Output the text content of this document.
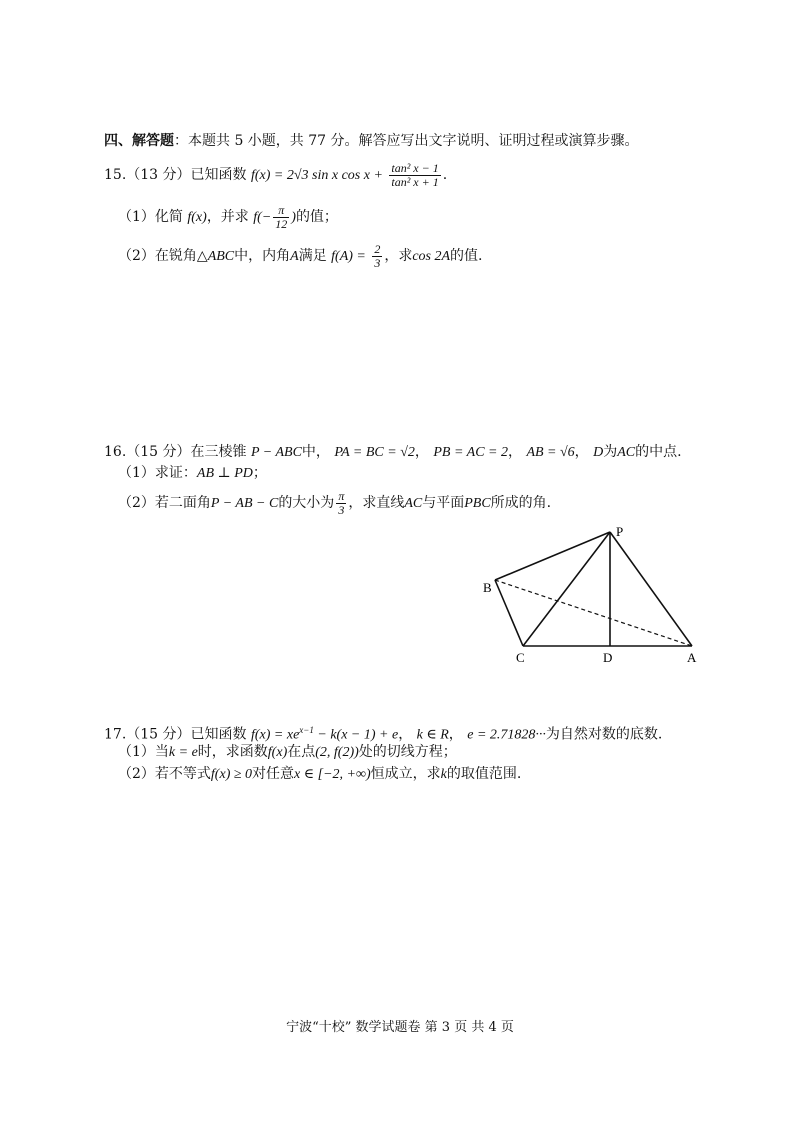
四、解答题：本题共 5 小题，共 77 分。解答应写出文字说明、证明过程或演算步骤。
15.（13 分）已知函数 f(x) = 2√3 sin x $\cos x + \frac{\text{tan² x − 1}}{\text{tan² x + 1}}$ .
（1）化简 f(x)，并求 $f(- \frac{\pi}{12}$ )的值；
（2）在锐角△ABC中，内角A满足 $f(A) = \frac{2}{3}$ ，求cos 2A的值.
16.（15 分）在三棱锥 P − ABC中， PA = BC = √2， PB = AC = 2， AB = √6， D为AC的中点.
（1）求证：AB ⊥ PD；
（2）若二面角P − AB − C的大小为 $\frac{\pi}{3}$ ，求直线AC与平面PBC所成的角.
P
B
C	D	A
17.（15 分）已知函数 $f(x) = xe^{x-1} - k(x - 1) + e$， k ∈ R， e = 2.71828···为自然对数的底数.
（1）当k = e时，求函数f(x)在点(2, f(2))处的切线方程；
（2）若不等式f(x) ≥ 0对任意x ∈ [−2, +∞)恒成立，求k的取值范围.
宁波“十校” 数学试题卷 第 3 页 共 4 页
